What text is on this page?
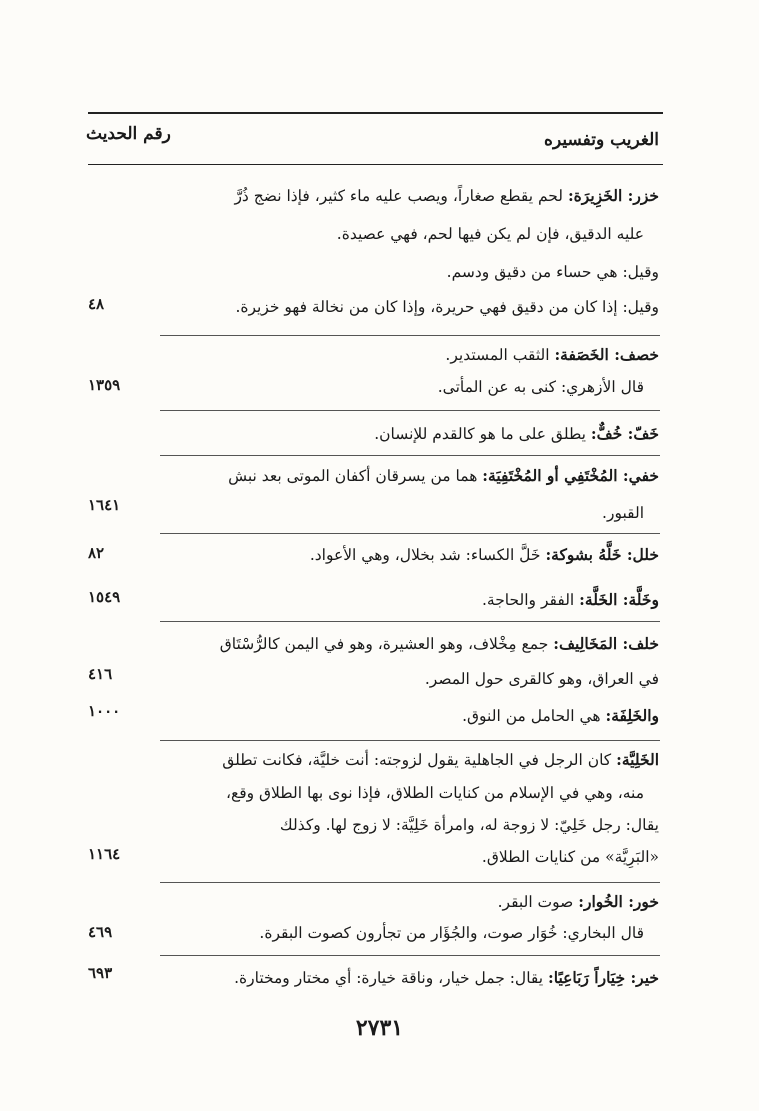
رقم الحديث	الغريب وتفسيره
خزر: الخَزِيرَة: لحم يقطع صغاراً، ويصب عليه ماء كثير، فإذا نضج ذُرَّ
عليه الدقيق، فإن لم يكن فيها لحم، فهي عصيدة.
وقيل: هي حساء من دقيق ودسم.
وقيل: إذا كان من دقيق فهي حريرة، وإذا كان من نخالة فهو خزيرة.
خصف: الخَصَفة: الثقب المستدير.
قال الأزهري: كنى به عن المأتى.
خَفّ: خُفٌّ: يطلق على ما هو كالقدم للإنسان.
خفي: المُخْتَفِي أو المُخْتَفِيَة: هما من يسرقان أكفان الموتى بعد نبش
القبور.
خلل: خَلَّهُ بشوكة: خَلَّ الكساء: شد بخلال، وهي الأعواد.
وخَلَّة: الخَلَّة: الفقر والحاجة.
خلف: المَخَالِيف: جمع مِخْلاف، وهو العشيرة، وهو في اليمن كالرُّسْتَاق
في العراق، وهو كالقرى حول المصر.
والخَلِفَة: هي الحامل من النوق.
الخَلِيَّة: كان الرجل في الجاهلية يقول لزوجته: أنت خليَّة، فكانت تطلق
منه، وهي في الإسلام من كنايات الطلاق، فإذا نوى بها الطلاق وقع،
يقال: رجل خَلِيّ: لا زوجة له، وامرأة خَلِيَّة: لا زوج لها. وكذلك
«البَرِيَّة» من كنايات الطلاق.
خور: الخُوار: صوت البقر.
قال البخاري: خُوَار صوت، والجُؤَار من تجأرون كصوت البقرة.
خير: خِيَاراً رَبَاعِيًا: يقال: جمل خيار، وناقة خيارة: أي مختار ومختارة.
٤٨
١٣٥٩
١٦٤١
٨٢
١٥٤٩
٤١٦
١٠٠٠
١١٦٤
٤٦٩
٦٩٣
٢٧٣١
